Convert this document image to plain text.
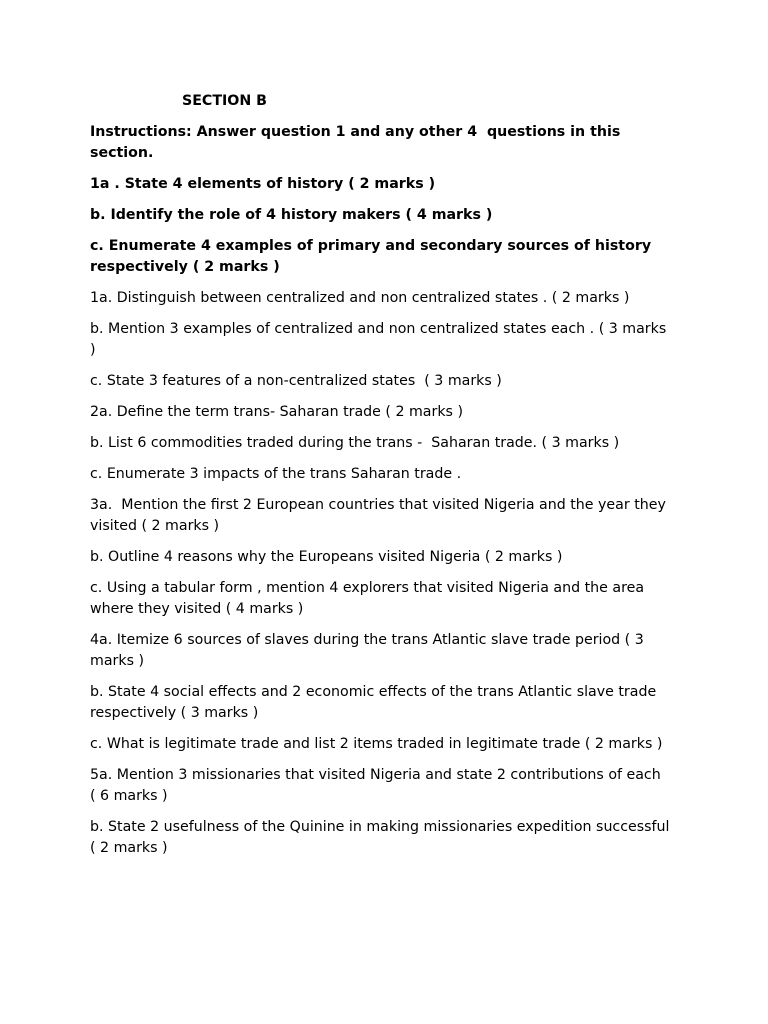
SECTION B
Instructions: Answer question 1 and any other 4  questions in this section.
1a . State 4 elements of history ( 2 marks )
b. Identify the role of 4 history makers ( 4 marks )
c. Enumerate 4 examples of primary and secondary sources of history respectively ( 2 marks )
1a. Distinguish between centralized and non centralized states . ( 2 marks )
b. Mention 3 examples of centralized and non centralized states each . ( 3 marks )
c. State 3 features of a non-centralized states  ( 3 marks )
2a. Define the term trans- Saharan trade ( 2 marks )
b. List 6 commodities traded during the trans -  Saharan trade. ( 3 marks )
c. Enumerate 3 impacts of the trans Saharan trade .
3a.  Mention the first 2 European countries that visited Nigeria and the year they visited ( 2 marks )
b. Outline 4 reasons why the Europeans visited Nigeria ( 2 marks )
c. Using a tabular form , mention 4 explorers that visited Nigeria and the area where they visited ( 4 marks )
4a. Itemize 6 sources of slaves during the trans Atlantic slave trade period ( 3 marks )
b. State 4 social effects and 2 economic effects of the trans Atlantic slave trade respectively ( 3 marks )
c. What is legitimate trade and list 2 items traded in legitimate trade ( 2 marks )
5a. Mention 3 missionaries that visited Nigeria and state 2 contributions of each ( 6 marks )
b. State 2 usefulness of the Quinine in making missionaries expedition successful ( 2 marks )
